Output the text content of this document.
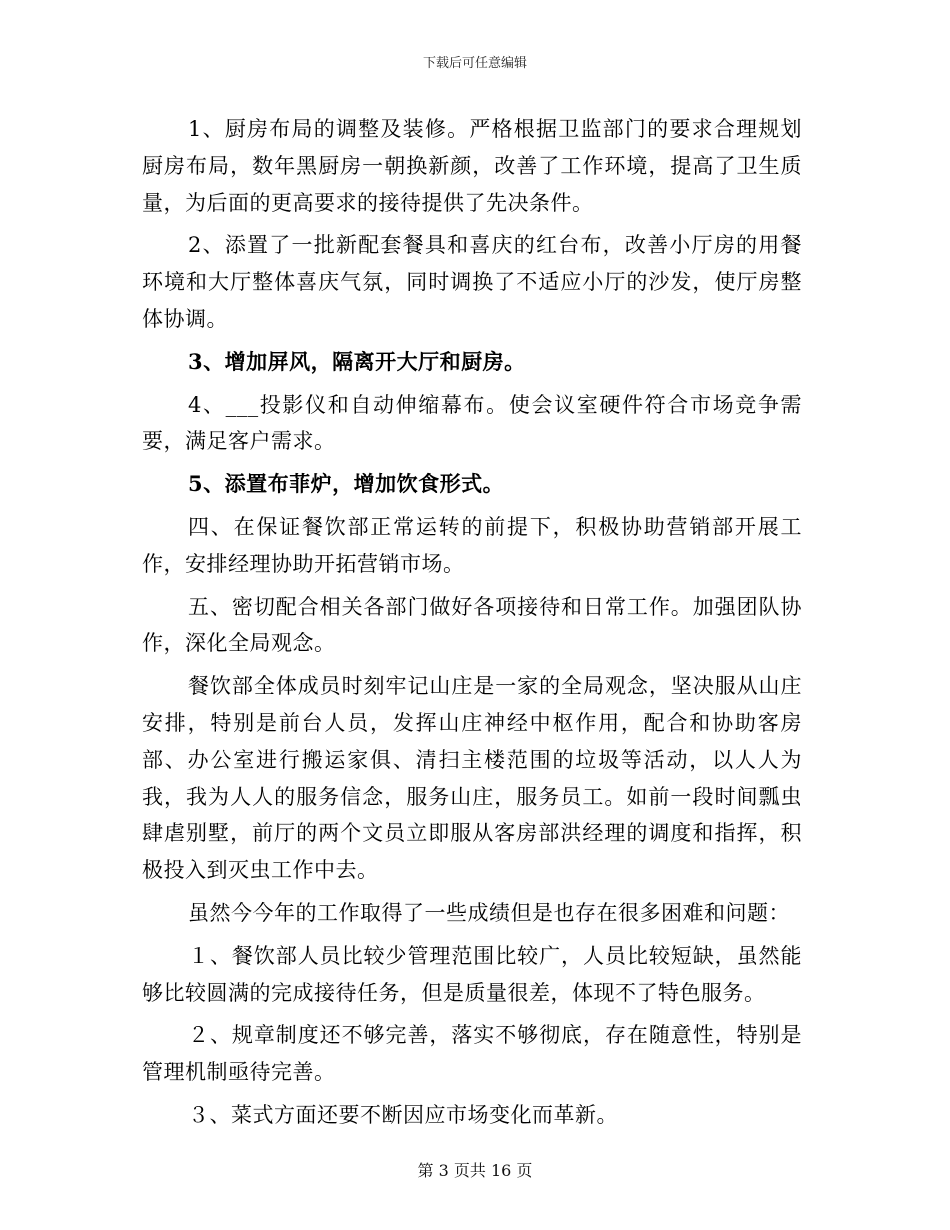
下载后可任意编辑

1、厨房布局的调整及装修。严格根据卫监部门的要求合理规划厨房布局，数年黑厨房一朝换新颜，改善了工作环境，提高了卫生质量，为后面的更高要求的接待提供了先决条件。

2、添置了一批新配套餐具和喜庆的红台布，改善小厅房的用餐环境和大厅整体喜庆气氛，同时调换了不适应小厅的沙发，使厅房整体协调。

3、增加屏风，隔离开大厅和厨房。

4、___投影仪和自动伸缩幕布。使会议室硬件符合市场竞争需要，满足客户需求。

5、添置布菲炉，增加饮食形式。

四、在保证餐饮部正常运转的前提下，积极协助营销部开展工作，安排经理协助开拓营销市场。

五、密切配合相关各部门做好各项接待和日常工作。加强团队协作，深化全局观念。

餐饮部全体成员时刻牢记山庄是一家的全局观念，坚决服从山庄安排，特别是前台人员，发挥山庄神经中枢作用，配合和协助客房部、办公室进行搬运家俱、清扫主楼范围的垃圾等活动，以人人为我，我为人人的服务信念，服务山庄，服务员工。如前一段时间瓢虫肆虐别墅，前厅的两个文员立即服从客房部洪经理的调度和指挥，积极投入到灭虫工作中去。

虽然今今年的工作取得了一些成绩但是也存在很多困难和问题：

１、餐饮部人员比较少管理范围比较广，人员比较短缺，虽然能够比较圆满的完成接待任务，但是质量很差，体现不了特色服务。

２、规章制度还不够完善，落实不够彻底，存在随意性，特别是管理机制亟待完善。

３、菜式方面还要不断因应市场变化而革新。

第 3 页共 16 页
